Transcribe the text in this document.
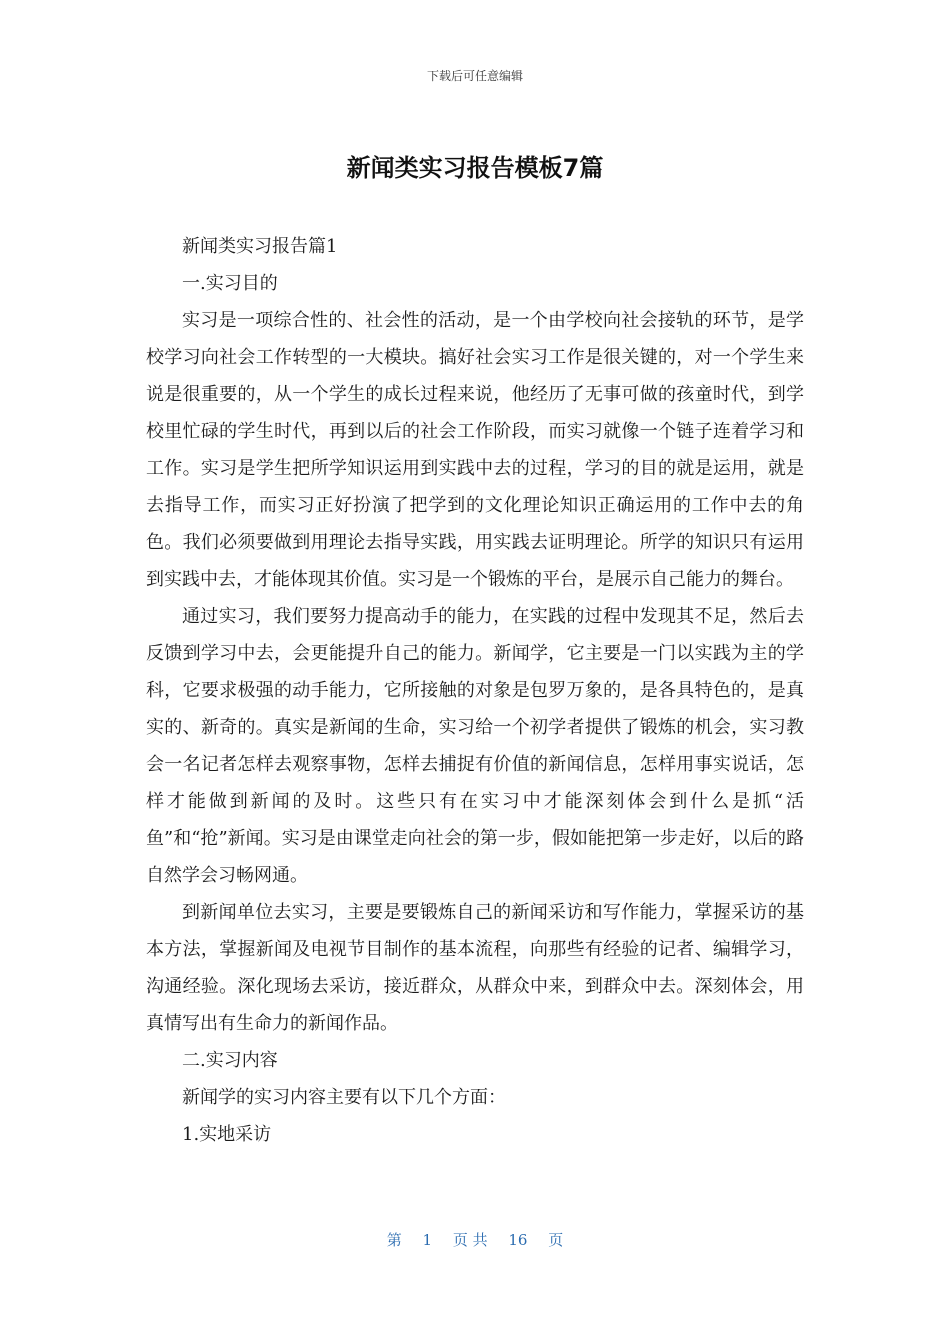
下载后可任意编辑
新闻类实习报告模板7篇

新闻类实习报告篇1

一.实习目的

实习是一项综合性的、社会性的活动，是一个由学校向社会接轨的环节，是学校学习向社会工作转型的一大模块。搞好社会实习工作是很关键的，对一个学生来说是很重要的，从一个学生的成长过程来说，他经历了无事可做的孩童时代，到学校里忙碌的学生时代，再到以后的社会工作阶段，而实习就像一个链子连着学习和工作。实习是学生把所学知识运用到实践中去的过程，学习的目的就是运用，就是去指导工作，而实习正好扮演了把学到的文化理论知识正确运用的工作中去的角色。我们必须要做到用理论去指导实践，用实践去证明理论。所学的知识只有运用到实践中去，才能体现其价值。实习是一个锻炼的平台，是展示自己能力的舞台。

通过实习，我们要努力提高动手的能力，在实践的过程中发现其不足，然后去反馈到学习中去，会更能提升自己的能力。新闻学，它主要是一门以实践为主的学科，它要求极强的动手能力，它所接触的对象是包罗万象的，是各具特色的，是真实的、新奇的。真实是新闻的生命，实习给一个初学者提供了锻炼的机会，实习教会一名记者怎样去观察事物，怎样去捕捉有价值的新闻信息，怎样用事实说话，怎样才能做到新闻的及时。这些只有在实习中才能深刻体会到什么是抓“活鱼”和“抢”新闻。实习是由课堂走向社会的第一步，假如能把第一步走好，以后的路自然学会习畅网通。

到新闻单位去实习，主要是要锻炼自己的新闻采访和写作能力，掌握采访的基本方法，掌握新闻及电视节目制作的基本流程，向那些有经验的记者、编辑学习，沟通经验。深化现场去采访，接近群众，从群众中来，到群众中去。深刻体会，用真情写出有生命力的新闻作品。

二.实习内容

新闻学的实习内容主要有以下几个方面：

1.实地采访

第 1 页 共 16 页
